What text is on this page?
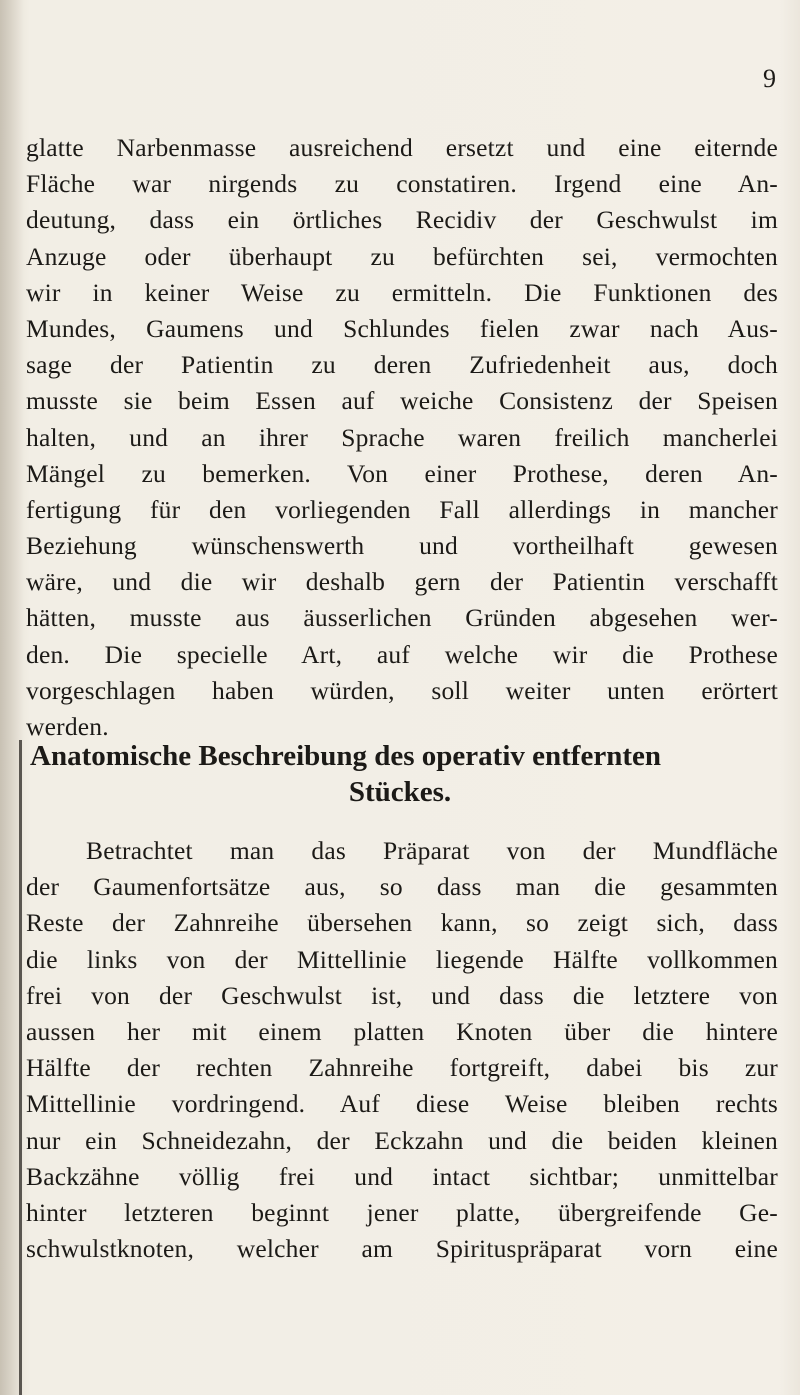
9
glatte Narbenmasse ausreichend ersetzt und eine eiternde
Fläche war nirgends zu constatiren. Irgend eine An-
deutung, dass ein örtliches Recidiv der Geschwulst im
Anzuge oder überhaupt zu befürchten sei, vermochten
wir in keiner Weise zu ermitteln. Die Funktionen des
Mundes, Gaumens und Schlundes fielen zwar nach Aus-
sage der Patientin zu deren Zufriedenheit aus, doch
musste sie beim Essen auf weiche Consistenz der Speisen
halten, und an ihrer Sprache waren freilich mancherlei
Mängel zu bemerken. Von einer Prothese, deren An-
fertigung für den vorliegenden Fall allerdings in mancher
Beziehung wünschenswerth und vortheilhaft gewesen
wäre, und die wir deshalb gern der Patientin verschafft
hätten, musste aus äusserlichen Gründen abgesehen wer-
den. Die specielle Art, auf welche wir die Prothese
vorgeschlagen haben würden, soll weiter unten erörtert
werden.
Anatomische Beschreibung des operativ entfernten
Stückes.
Betrachtet man das Präparat von der Mundfläche
der Gaumenfortsätze aus, so dass man die gesammten
Reste der Zahnreihe übersehen kann, so zeigt sich, dass
die links von der Mittellinie liegende Hälfte vollkommen
frei von der Geschwulst ist, und dass die letztere von
aussen her mit einem platten Knoten über die hintere
Hälfte der rechten Zahnreihe fortgreift, dabei bis zur
Mittellinie vordringend. Auf diese Weise bleiben rechts
nur ein Schneidezahn, der Eckzahn und die beiden kleinen
Backzähne völlig frei und intact sichtbar; unmittelbar
hinter letzteren beginnt jener platte, übergreifende Ge-
schwulstknoten, welcher am Spirituspräparat vorn eine
